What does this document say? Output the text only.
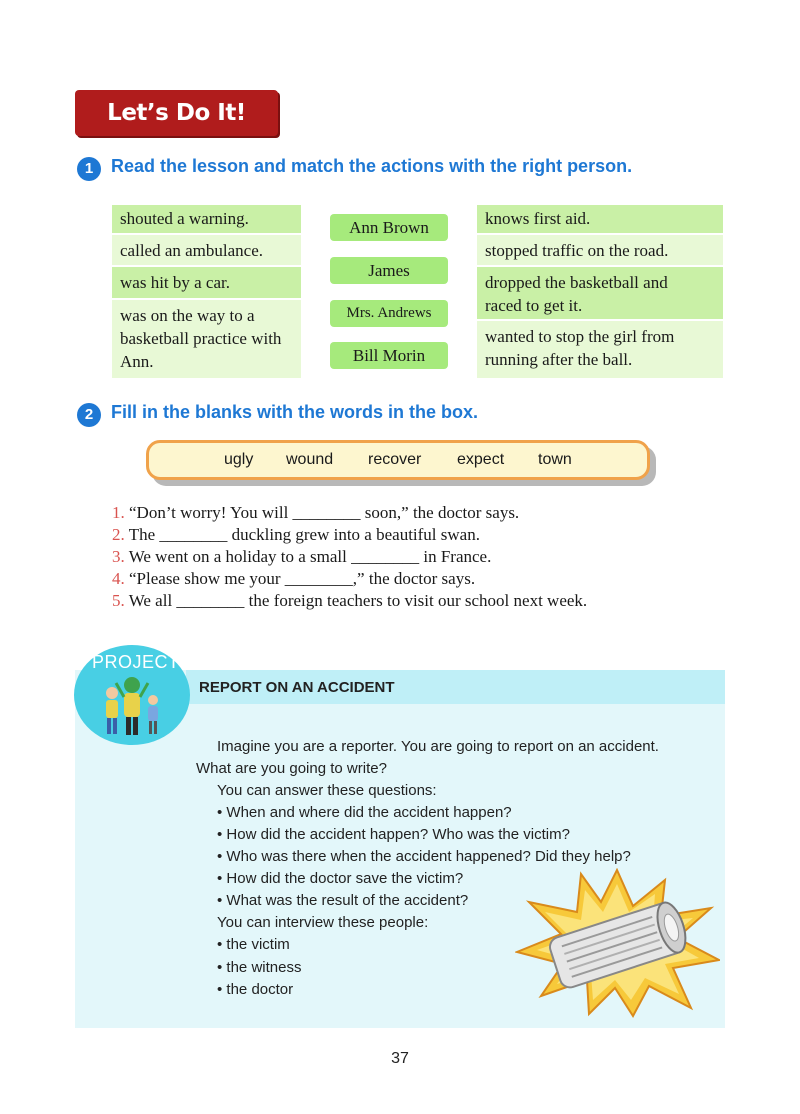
Let’s Do It!
1 Read the lesson and match the actions with the right person.
shouted a warning.
called an ambulance.
was hit by a car.
was on the way to a basketball practice with Ann.
Ann Brown
James
Mrs. Andrews
Bill Morin
knows first aid.
stopped traffic on the road.
dropped the basketball and raced to get it.
wanted to stop the girl from running after the ball.
2 Fill in the blanks with the words in the box.
ugly wound recover expect town
1. “Don’t worry! You will ________ soon,” the doctor says.
2. The ________ duckling grew into a beautiful swan.
3. We went on a holiday to a small ________ in France.
4. “Please show me your ________,” the doctor says.
5. We all ________ the foreign teachers to visit our school next week.
REPORT ON AN ACCIDENT
PROJECT
Imagine you are a reporter. You are going to report on an accident.
What are you going to write?
You can answer these questions:
• When and where did the accident happen?
• How did the accident happen? Who was the victim?
• Who was there when the accident happened? Did they help?
• How did the doctor save the victim?
• What was the result of the accident?
You can interview these people:
• the victim
• the witness
• the doctor
37
